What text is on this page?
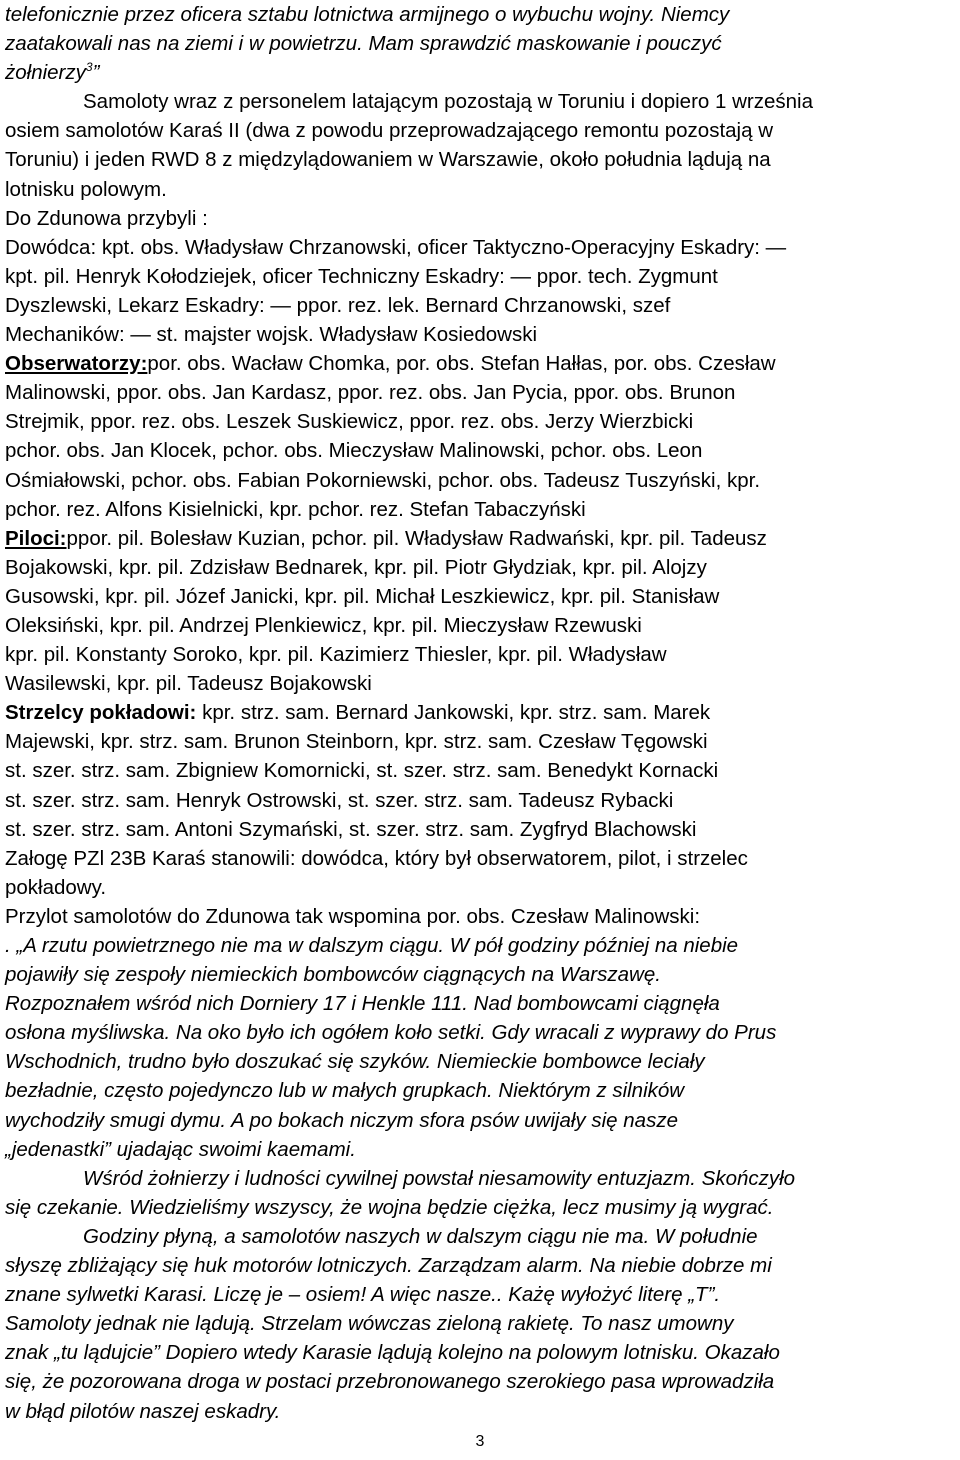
telefonicznie przez oficera sztabu lotnictwa armijnego o wybuchu wojny. Niemcy
zaatakowali nas na ziemi i w powietrzu. Mam sprawdzić maskowanie i pouczyć
żołnierzy$^3$”
Samoloty wraz z personelem latającym pozostają w Toruniu i dopiero 1 września
osiem samolotów Karaś II (dwa z powodu przeprowadzającego remontu pozostają w
Toruniu) i jeden RWD 8 z międzylądowaniem w Warszawie, około południa lądują na
lotnisku polowym.
Do Zdunowa przybyli :
Dowódca: kpt. obs. Władysław Chrzanowski, oficer Taktyczno-Operacyjny Eskadry: ―
kpt. pil. Henryk Kołodziejek, oficer Techniczny Eskadry: ― ppor. tech. Zygmunt
Dyszlewski, Lekarz Eskadry: ― ppor. rez. lek. Bernard Chrzanowski, szef
Mechaników: ― st. majster wojsk. Władysław Kosiedowski
Obserwatorzy:por. obs. Wacław Chomka, por. obs. Stefan Hałłas, por. obs. Czesław
Malinowski, ppor. obs. Jan Kardasz, ppor. rez. obs. Jan Pycia, ppor. obs. Brunon
Strejmik, ppor. rez. obs. Leszek Suskiewicz, ppor. rez. obs. Jerzy Wierzbicki
pchor. obs. Jan Klocek, pchor. obs. Mieczysław Malinowski, pchor. obs. Leon
Ośmiałowski, pchor. obs. Fabian Pokorniewski, pchor. obs. Tadeusz Tuszyński, kpr.
pchor. rez. Alfons Kisielnicki, kpr. pchor. rez. Stefan Tabaczyński
Piloci:ppor. pil. Bolesław Kuzian, pchor. pil. Władysław Radwański, kpr. pil. Tadeusz
Bojakowski, kpr. pil. Zdzisław Bednarek, kpr. pil. Piotr Głydziak, kpr. pil. Alojzy
Gusowski, kpr. pil. Józef Janicki, kpr. pil. Michał Leszkiewicz, kpr. pil. Stanisław
Oleksiński, kpr. pil. Andrzej Plenkiewicz, kpr. pil. Mieczysław Rzewuski
kpr. pil. Konstanty Soroko, kpr. pil. Kazimierz Thiesler, kpr. pil. Władysław
Wasilewski, kpr. pil. Tadeusz Bojakowski
Strzelcy pokładowi: kpr. strz. sam. Bernard Jankowski, kpr. strz. sam. Marek
Majewski, kpr. strz. sam. Brunon Steinborn, kpr. strz. sam. Czesław Tęgowski
st. szer. strz. sam. Zbigniew Komornicki, st. szer. strz. sam. Benedykt Kornacki
st. szer. strz. sam. Henryk Ostrowski, st. szer. strz. sam. Tadeusz Rybacki
st. szer. strz. sam. Antoni Szymański, st. szer. strz. sam. Zygfryd Blachowski
Załogę PZl 23B Karaś stanowili: dowódca, który był obserwatorem, pilot, i strzelec
pokładowy.
Przylot samolotów do Zdunowa tak wspomina por. obs. Czesław Malinowski:
. „A rzutu powietrznego nie ma w dalszym ciągu. W pół godziny później na niebie
pojawiły się zespoły niemieckich bombowców ciągnących na Warszawę.
Rozpoznałem wśród nich Dorniery 17 i Henkle 111. Nad bombowcami ciągnęła
osłona myśliwska. Na oko było ich ogółem koło setki. Gdy wracali z wyprawy do Prus
Wschodnich, trudno było doszukać się szyków. Niemieckie bombowce leciały
bezładnie, często pojedynczo lub w małych grupkach. Niektórym z silników
wychodziły smugi dymu. A po bokach niczym sfora psów uwijały się nasze
„jedenastki” ujadając swoimi kaemami.
Wśród żołnierzy i ludności cywilnej powstał niesamowity entuzjazm. Skończyło
się czekanie. Wiedzieliśmy wszyscy, że wojna będzie ciężka, lecz musimy ją wygrać.
Godziny płyną, a samolotów naszych w dalszym ciągu nie ma. W południe
słyszę zbliżający się huk motorów lotniczych. Zarządzam alarm. Na niebie dobrze mi
znane sylwetki Karasi. Liczę je – osiem! A więc nasze.. Każę wyłożyć literę „T”.
Samoloty jednak nie lądują. Strzelam wówczas zieloną rakietę. To nasz umowny
znak „tu lądujcie” Dopiero wtedy Karasie lądują kolejno na polowym lotnisku. Okazało
się, że pozorowana droga w postaci przebronowanego szerokiego pasa wprowadziła
w błąd pilotów naszej eskadry.
3
